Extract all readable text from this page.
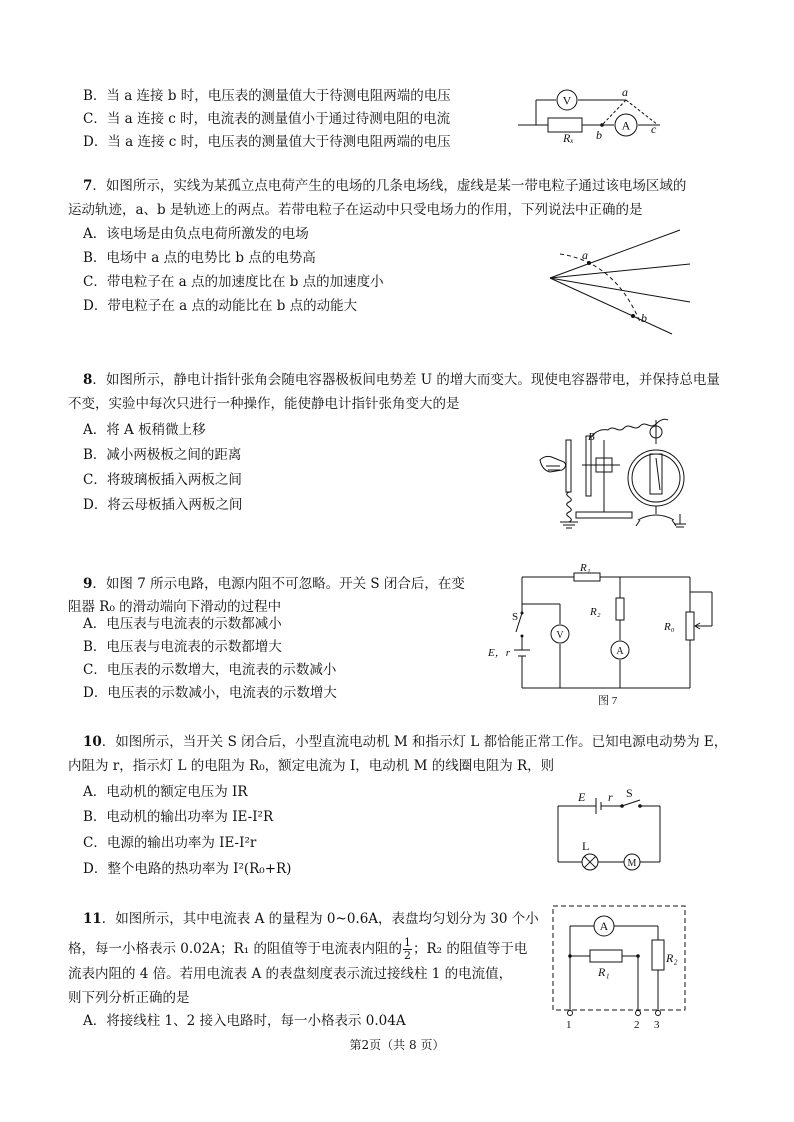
B．当 a 连接 b 时，电压表的测量值大于待测电阻两端的电压
C．当 a 连接 c 时，电流表的测量值小于通过待测电阻的电流
D．当 a 连接 c 时，电压表的测量值大于待测电阻两端的电压
V
A
Rₓ
a
b	c
7．如图所示，实线为某孤立点电荷产生的电场的几条电场线，虚线是某一带电粒子通过该电场区域的
运动轨迹，a、b 是轨迹上的两点。若带电粒子在运动中只受电场力的作用，下列说法中正确的是
A．该电场是由负点电荷所激发的电场
B．电场中 a 点的电势比 b 点的电势高
C．带电粒子在 a 点的加速度比在 b 点的加速度小
D．带电粒子在 a 点的动能比在 b 点的动能大
a
b
8．如图所示，静电计指针张角会随电容器极板间电势差 U 的增大而变大。现使电容器带电，并保持总电量
不变，实验中每次只进行一种操作，能使静电计指针张角变大的是
A．将 A 板稍微上移
B．减小两极板之间的距离
C．将玻璃板插入两板之间
D．将云母板插入两板之间
B
9．如图 7 所示电路，电源内阻不可忽略。开关 S 闭合后，在变
阻器 R₀ 的滑动端向下滑动的过程中
A．电压表与电流表的示数都减小
B．电压表与电流表的示数都增大
C．电压表的示数增大，电流表的示数减小
D．电压表的示数减小，电流表的示数增大
R₁
R₂
R₀
S
V
A
E，r
图 7
10．如图所示，当开关 S 闭合后，小型直流电动机 M 和指示灯 L 都恰能正常工作。已知电源电动势为 E，
内阻为 r，指示灯 L 的电阻为 R₀，额定电流为 I，电动机 M 的线圈电阻为 R，则
A．电动机的额定电压为 IR
B．电动机的输出功率为 IE-I²R
C．电源的输出功率为 IE-I²r
D．整个电路的热功率为 I²(R₀+R)
E r S
L
M
11．如图所示，其中电流表 A 的量程为 0~0.6A，表盘均匀划分为 30 个小
格，每一小格表示 0.02A；R₁ 的阻值等于电流表内阻的 $\frac{1}{2}$ ；R₂ 的阻值等于电
流表内阻的 4 倍。若用电流表 A 的表盘刻度表示流过接线柱 1 的电流值，
则下列分析正确的是
A．将接线柱 1、2 接入电路时，每一小格表示 0.04A
A
R₁
R₂
1	2 3
第2页（共 8 页）
